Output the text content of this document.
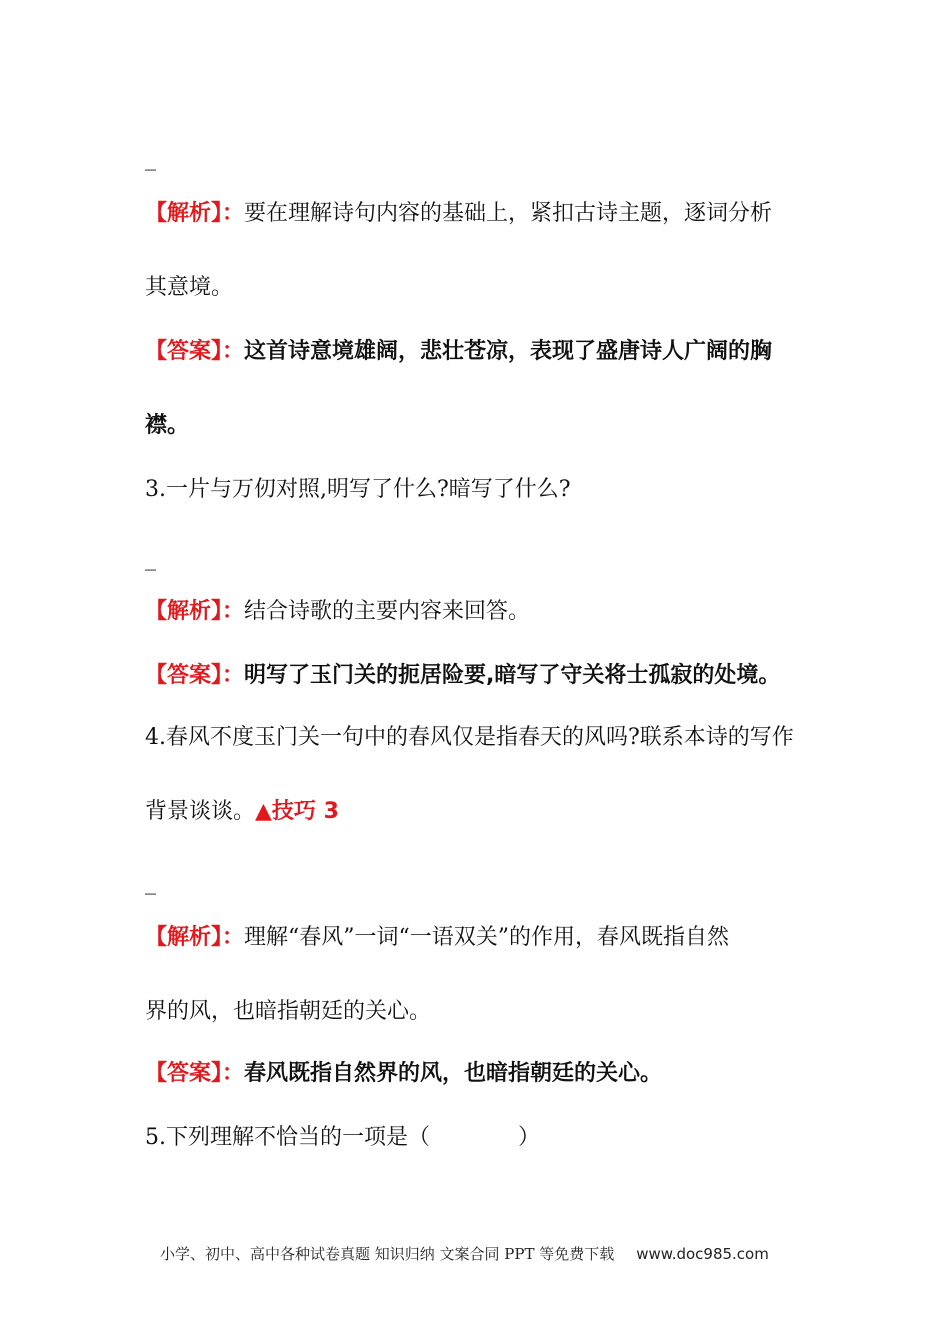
_
【解析】：要在理解诗句内容的基础上，紧扣古诗主题，逐词分析
其意境。
【答案】：这首诗意境雄阔，悲壮苍凉，表现了盛唐诗人广阔的胸
襟。
3.一片与万仞对照,明写了什么?暗写了什么?
_
【解析】：结合诗歌的主要内容来回答。
【答案】：明写了玉门关的扼居险要,暗写了守关将士孤寂的处境。
4.春风不度玉门关一句中的春风仅是指春天的风吗?联系本诗的写作
背景谈谈。▲技巧 3
_
【解析】：理解“春风”一词“一语双关”的作用，春风既指自然
界的风，也暗指朝廷的关心。
【答案】：春风既指自然界的风，也暗指朝廷的关心。
5.下列理解不恰当的一项是（　　　　）
小学、初中、高中各种试卷真题 知识归纳 文案合同 PPT 等免费下载 www.doc985.com
